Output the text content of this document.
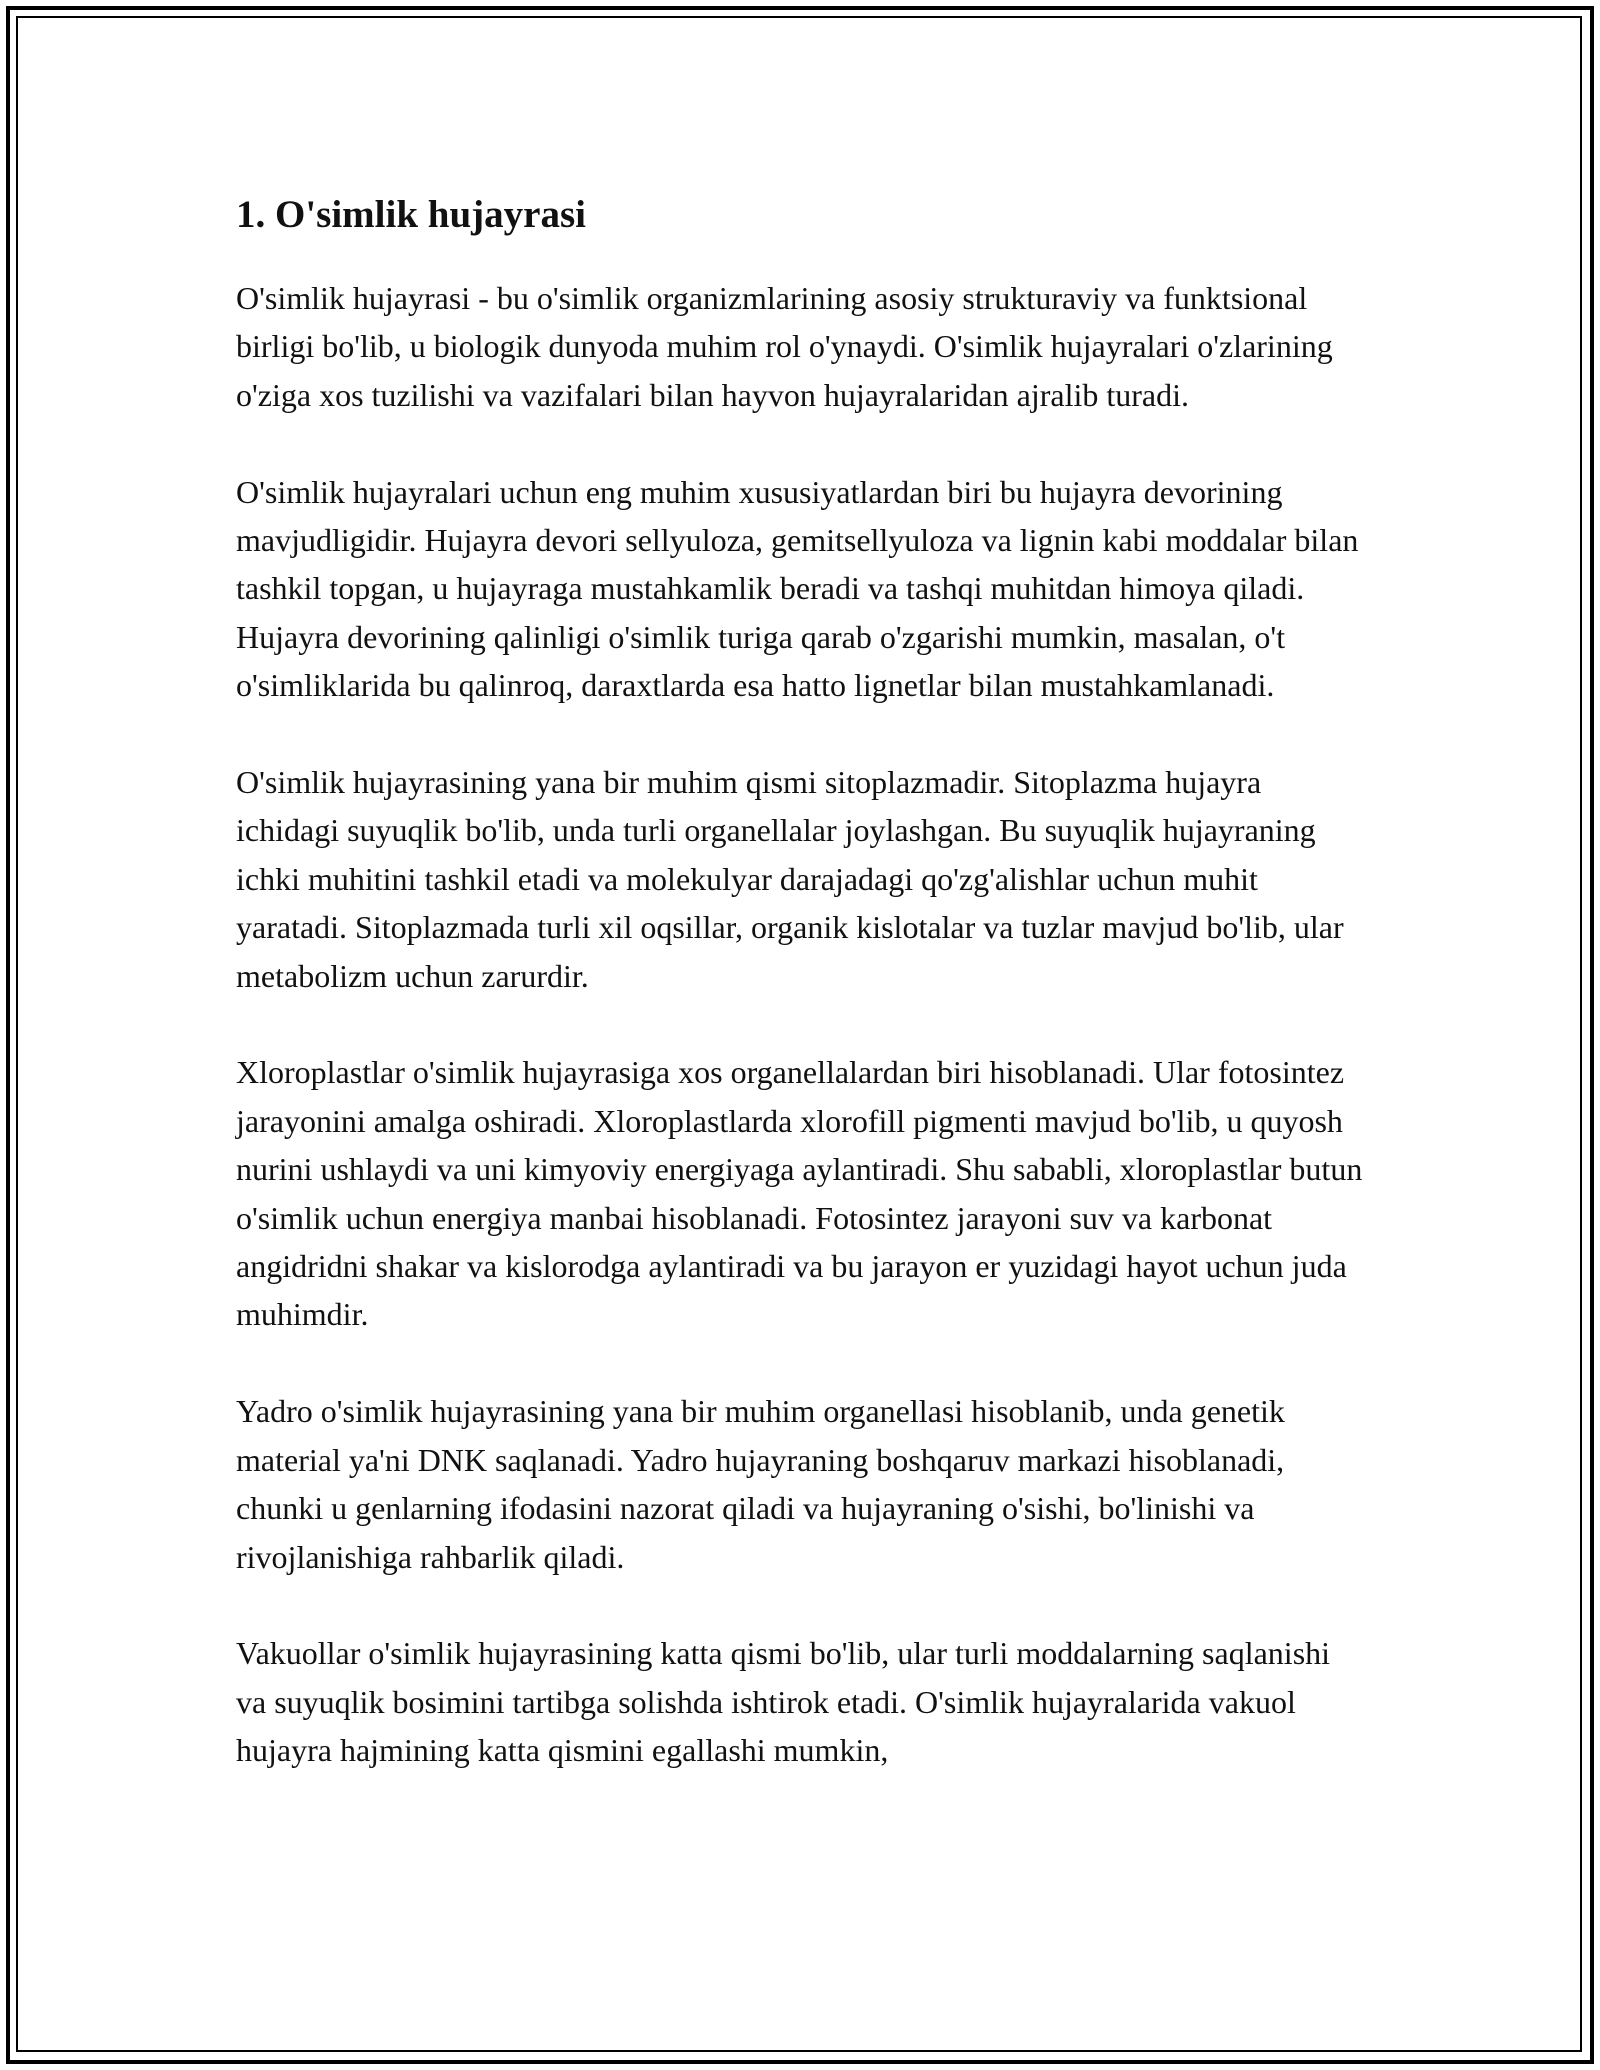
1. O'simlik hujayrasi

O'simlik hujayrasi - bu o'simlik organizmlarining asosiy strukturaviy va funktsional birligi bo'lib, u biologik dunyoda muhim rol o'ynaydi. O'simlik hujayralari o'zlarining o'ziga xos tuzilishi va vazifalari bilan hayvon hujayralaridan ajralib turadi.

O'simlik hujayralari uchun eng muhim xususiyatlardan biri bu hujayra devorining mavjudligidir. Hujayra devori sellyuloza, gemitsellyuloza va lignin kabi moddalar bilan tashkil topgan, u hujayraga mustahkamlik beradi va tashqi muhitdan himoya qiladi. Hujayra devorining qalinligi o'simlik turiga qarab o'zgarishi mumkin, masalan, o't o'simliklarida bu qalinroq, daraxtlarda esa hatto lignetlar bilan mustahkamlanadi.

O'simlik hujayrasining yana bir muhim qismi sitoplazmadir. Sitoplazma hujayra ichidagi suyuqlik bo'lib, unda turli organellalar joylashgan. Bu suyuqlik hujayraning ichki muhitini tashkil etadi va molekulyar darajadagi qo'zg'alishlar uchun muhit yaratadi. Sitoplazmada turli xil oqsillar, organik kislotalar va tuzlar mavjud bo'lib, ular metabolizm uchun zarurdir.

Xloroplastlar o'simlik hujayrasiga xos organellalardan biri hisoblanadi. Ular fotosintez jarayonini amalga oshiradi. Xloroplastlarda xlorofill pigmenti mavjud bo'lib, u quyosh nurini ushlaydi va uni kimyoviy energiyaga aylantiradi. Shu sababli, xloroplastlar butun o'simlik uchun energiya manbai hisoblanadi. Fotosintez jarayoni suv va karbonat angidridni shakar va kislorodga aylantiradi va bu jarayon er yuzidagi hayot uchun juda muhimdir.

Yadro o'simlik hujayrasining yana bir muhim organellasi hisoblanib, unda genetik material ya'ni DNK saqlanadi. Yadro hujayraning boshqaruv markazi hisoblanadi, chunki u genlarning ifodasini nazorat qiladi va hujayraning o'sishi, bo'linishi va rivojlanishiga rahbarlik qiladi.

Vakuollar o'simlik hujayrasining katta qismi bo'lib, ular turli moddalarning saqlanishi va suyuqlik bosimini tartibga solishda ishtirok etadi. O'simlik hujayralarida vakuol hujayra hajmining katta qismini egallashi mumkin,
